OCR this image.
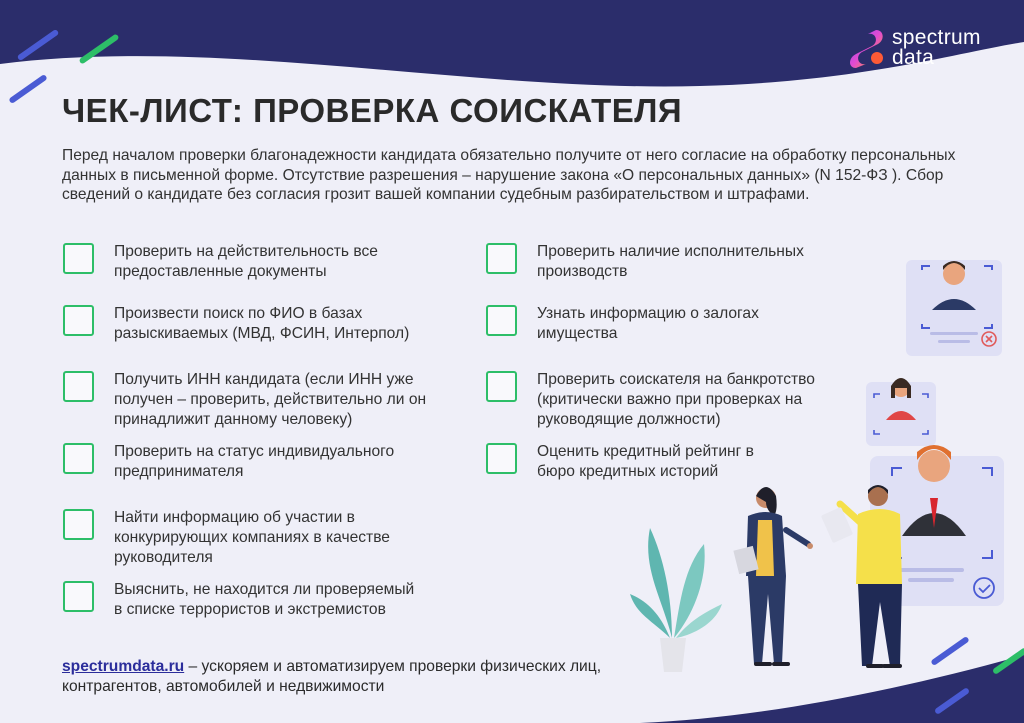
spectrum
data
ЧЕК-ЛИСТ: ПРОВЕРКА СОИСКАТЕЛЯ

Перед началом проверки благонадежности кандидата обязательно получите от него согласие на обработку персональных данных в письменной форме. Отсутствие разрешения – нарушение закона «О персональных данных» (N 152-ФЗ ). Сбор сведений о кандидате без согласия грозит вашей компании судебным разбирательством и штрафами.

Проверить на действительность все
предоставленные документы
Произвести поиск по ФИО в базах
разыскиваемых (МВД, ФСИН, Интерпол)
Получить ИНН кандидата (если ИНН уже
получен – проверить, действительно ли он
принадлижит данному человеку)
Проверить на статус индивидуального
предпринимателя
Найти информацию об участии в
конкурирующих компаниях в качестве
руководителя
Выяснить, не находится ли проверяемый
в списке террористов и экстремистов
Проверить наличие исполнительных
производств
Узнать информацию о залогах
имущества
Проверить соискателя на банкротство
(критически важно при проверках на
руководящие должности)
Оценить кредитный рейтинг в
бюро кредитных историй

spectrumdata.ru – ускоряем и автоматизируем проверки физических лиц, контрагентов, автомобилей и недвижимости
